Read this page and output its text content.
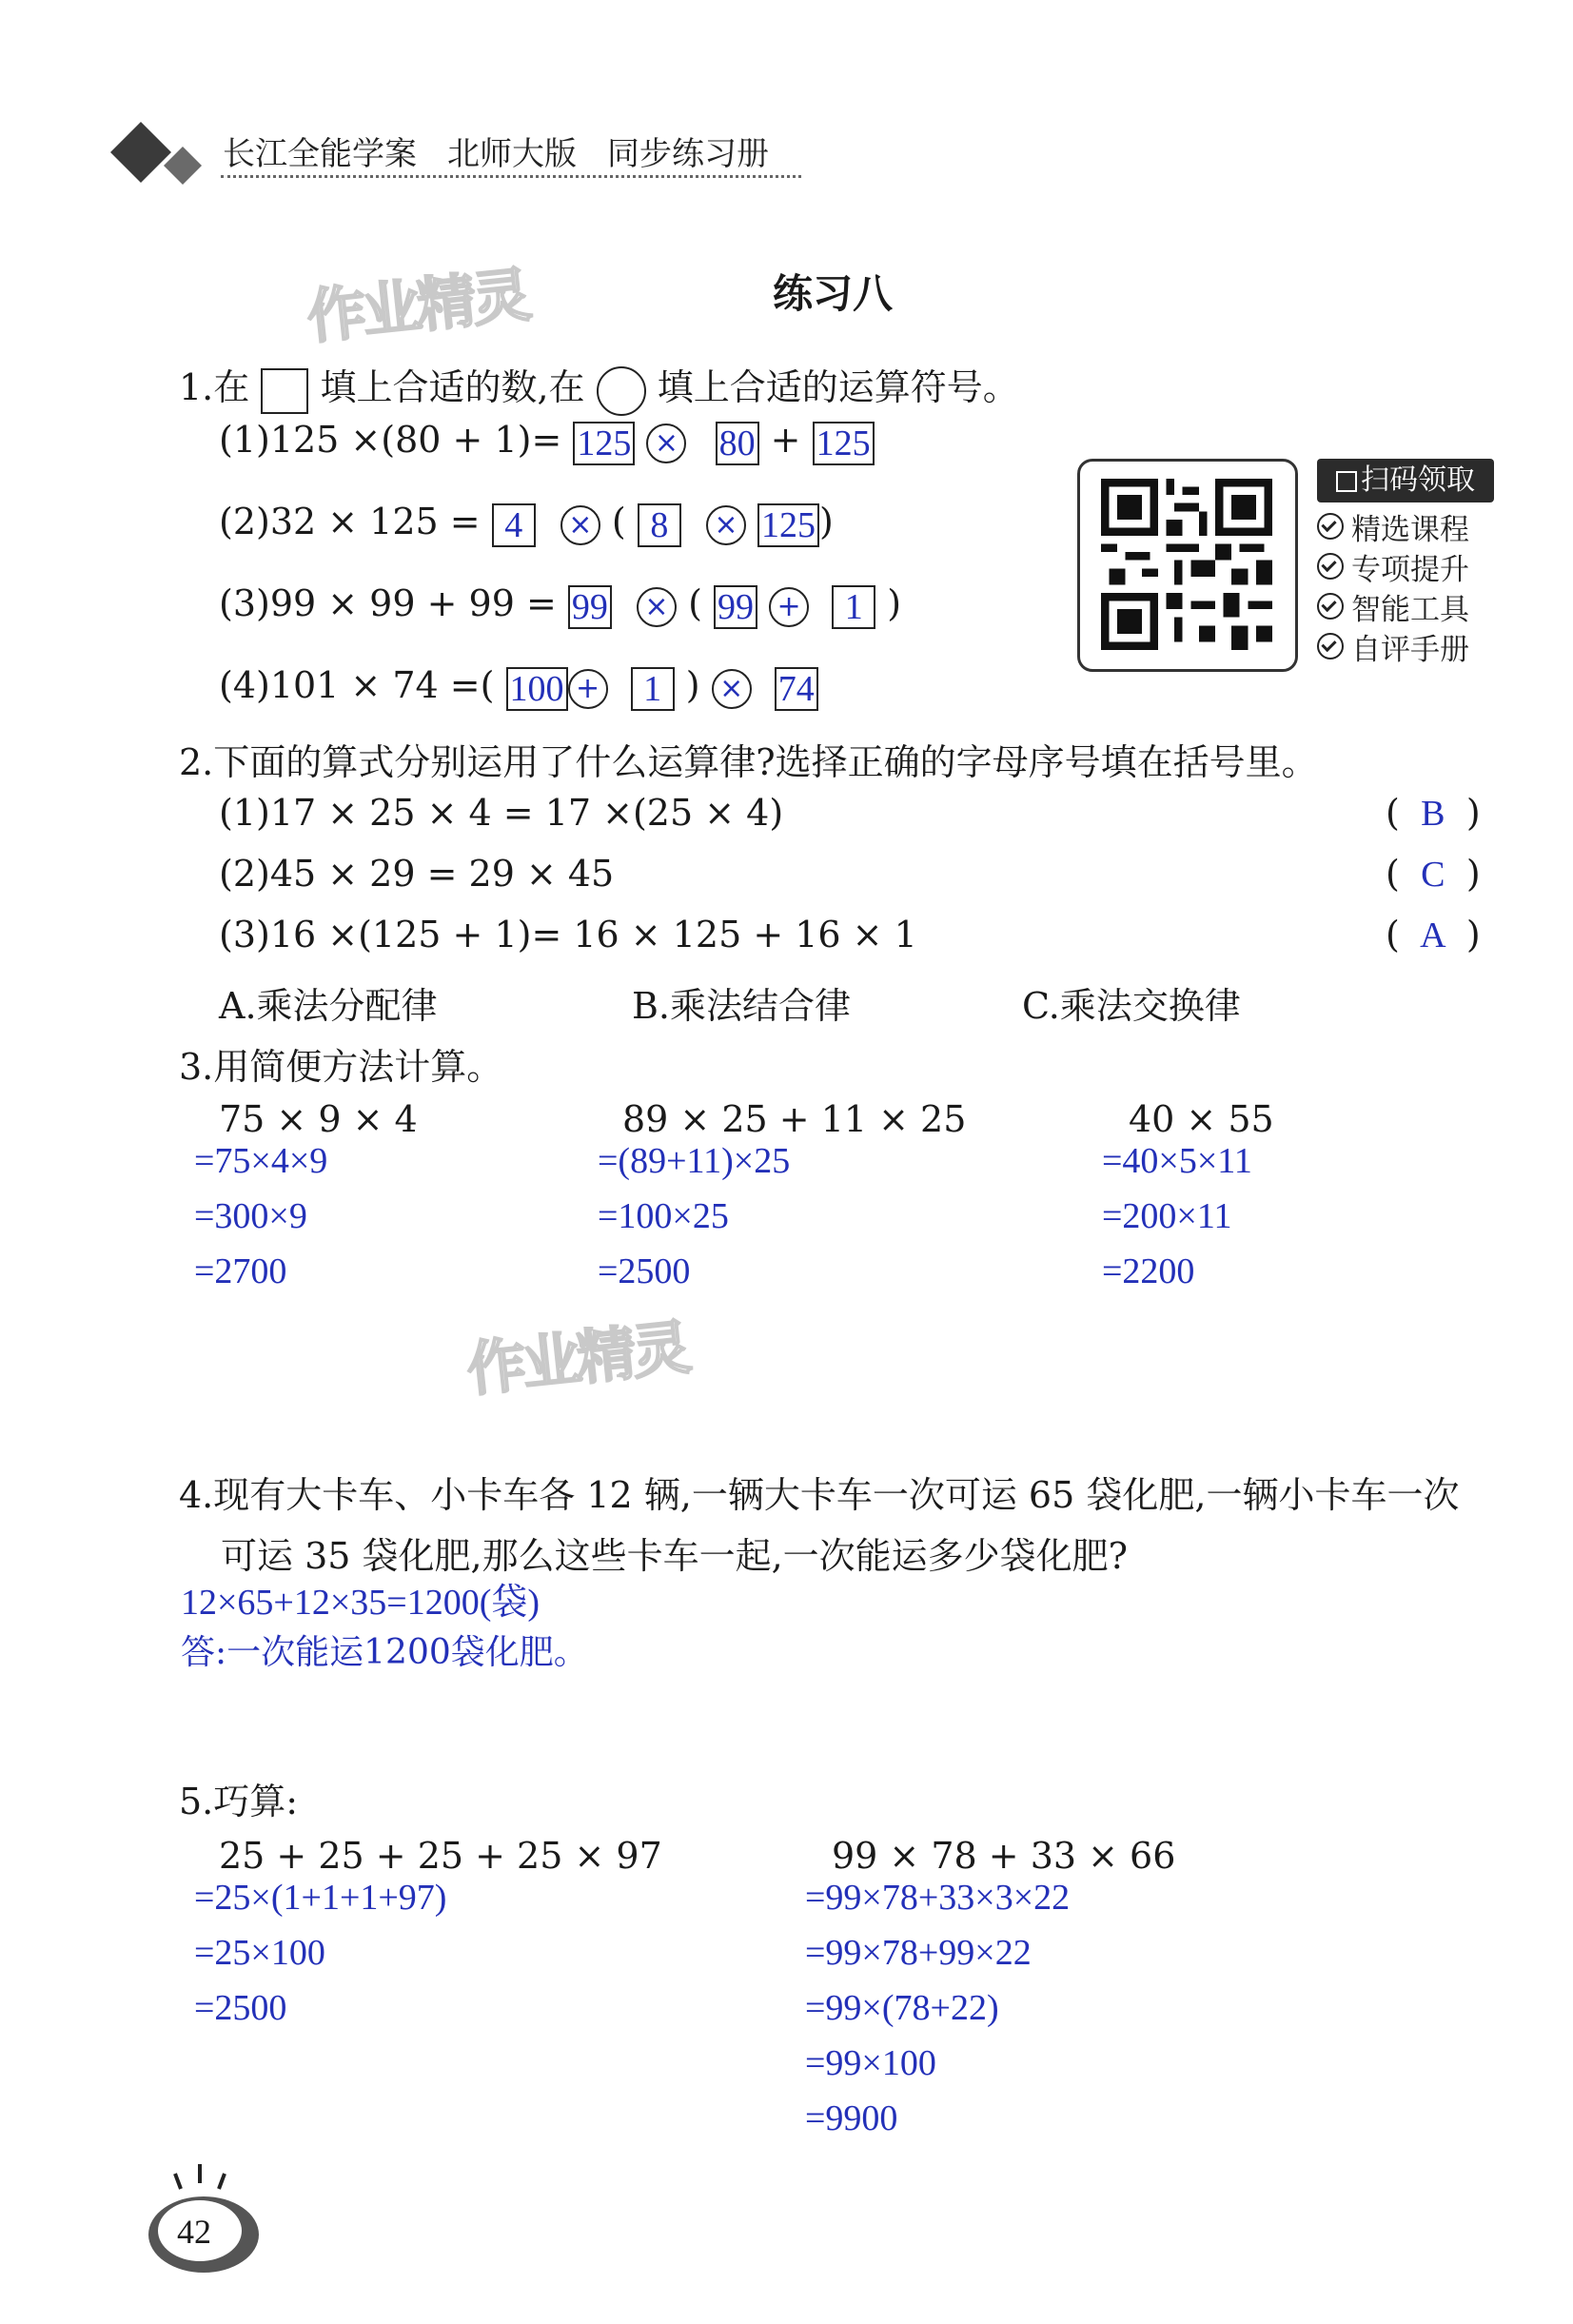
长江全能学案 北师大版 同步练习册
作业精灵
作业精灵
练习八
1.在 填上合适的数,在 填上合适的运算符号。
(1)125 ×(80 + 1)= 125 × 80 + 125
(2)32 × 125 = 4 × ( 8 × 125 )
(3)99 × 99 + 99 = 99 × ( 99 + 1 )
(4)101 × 74 =( 100 + 1 ) × 74
扫码领取
精选课程
专项提升
智能工具
自评手册
2.下面的算式分别运用了什么运算律?选择正确的字母序号填在括号里。
(1)17 × 25 × 4 = 17 ×(25 × 4)	( B )
(2)45 × 29 = 29 × 45	( C )
(3)16 ×(125 + 1)= 16 × 125 + 16 × 1	( A )
A.乘法分配律	B.乘法结合律	C.乘法交换律
3.用简便方法计算。
75 × 9 × 4
=75×4×9
=300×9
=2700
89 × 25 + 11 × 25
=(89+11)×25
=100×25
=2500
40 × 55
=40×5×11
=200×11
=2200
4.现有大卡车、小卡车各 12 辆,一辆大卡车一次可运 65 袋化肥,一辆小卡车一次
可运 35 袋化肥,那么这些卡车一起,一次能运多少袋化肥?
12×65+12×35=1200(袋)
答:一次能运1200袋化肥。
5.巧算:
25 + 25 + 25 + 25 × 97
=25×(1+1+1+97)
=25×100
=2500
99 × 78 + 33 × 66
=99×78+33×3×22
=99×78+99×22
=99×(78+22)
=99×100
=9900
42
